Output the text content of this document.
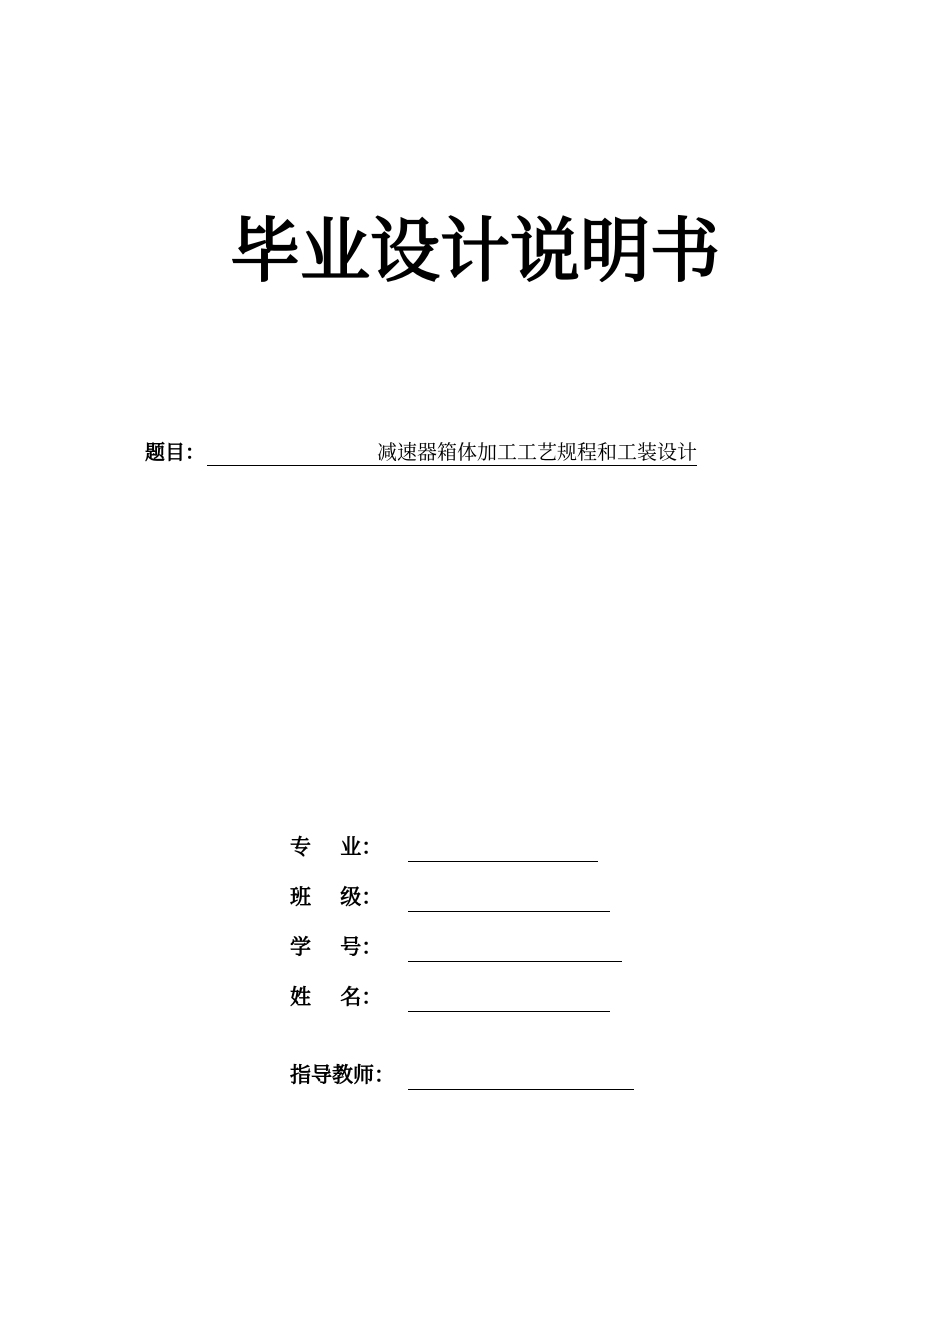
毕业设计说明书
题目：	减速器箱体加工工艺规程和工装设计
专    业：
班    级：
学    号：
姓    名：
指导教师：
